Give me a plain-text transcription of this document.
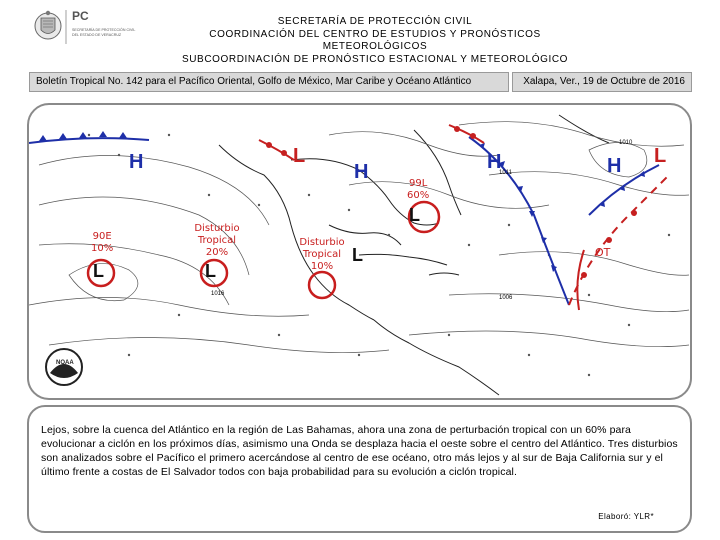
PC
SECRETARÍA DE PROTECCIÓN CIVIL DEL ESTADO DE VERACRUZ
SECRETARÍA DE PROTECCIÓN CIVIL
COORDINACIÓN DEL CENTRO DE ESTUDIOS Y PRONÓSTICOS METEOROLÓGICOS
SUBCOORDINACIÓN DE PRONÓSTICO ESTACIONAL Y METEOROLÓGICO
Boletín Tropical No. 142 para el Pacífico Oriental, Golfo de México, Mar Caribe y Océano Atlántico	Xalapa, Ver., 19 de Octubre de 2016
NOAA
H	H	H	H
L	L
99L
60%
90E
10%
Disturbio Tropical
20%
Disturbio Tropical
10%
OT
L
L	L
L
1016
1011
1010
1006
Lejos, sobre la cuenca del Atlántico en la región de Las Bahamas, ahora una zona de perturbación tropical con un 60% para evolucionar a ciclón en los próximos días, asimismo una Onda se desplaza hacia el oeste sobre el centro del Atlántico. Tres disturbios son analizados sobre el Pacífico el primero acercándose al centro de ese océano, otro más lejos y al sur de Baja California sur y el último frente a costas de El Salvador todos con baja probabilidad para su evolución a ciclón tropical.
Elaboró: YLR*
